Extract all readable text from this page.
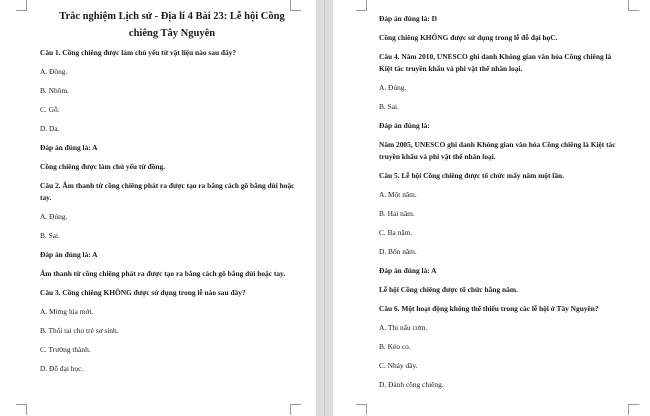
Trắc nghiệm Lịch sử - Địa lí 4 Bài 23: Lễ hội Cồng
chiêng Tây Nguyên

Câu 1. Cồng chiêng được làm chủ yếu từ vật liệu nào sau đây?

A. Đồng.

B. Nhôm.

C. Gỗ.

D. Da.

Đáp án đúng là: A

Cồng chiêng được làm chủ yếu từ đồng.

Câu 2. Âm thanh từ cồng chiêng phát ra được tạo ra bằng cách gõ bằng dùi hoặc tay.

A. Đúng.

B. Sai.

Đáp án đúng là: A

Âm thanh từ cồng chiêng phát ra được tạo ra bằng cách gõ bằng dùi hoặc tay.

Câu 3. Cồng chiêng KHÔNG được sử dụng trong lễ nào sau đây?

A. Mừng lúa mới.

B. Thổi tai cho trẻ sơ sinh.

C. Trưởng thành.

D. Đỗ đại học.

Đáp án đúng là: D

Cồng chiêng KHÔNG được sử dụng trong lễ đỗ đại họC.

Câu 4. Năm 2010, UNESCO ghi danh Không gian văn hóa Cồng chiêng là Kiệt tác truyền khẩu và phi vật thể nhân loại.

A. Đúng.

B. Sai.

Đáp án đúng là:

Năm 2005, UNESCO ghi danh Không gian văn hóa Cồng chiêng là Kiệt tác truyền khẩu và phi vật thể nhân loại.

Câu 5. Lễ hội Cồng chiêng được tổ chức mấy năm một lần.

A. Một năm.

B. Hai năm.

C. Ba năm.

D. Bốn năm.

Đáp án đúng là: A

Lễ hội Cồng chiêng được tổ chức hằng năm.

Câu 6. Một hoạt động không thể thiếu trong các lễ hội ở Tây Nguyên?

A. Thi nấu cơm.

B. Kéo co.

C. Nhảy dây.

D. Đánh cồng chiêng.
